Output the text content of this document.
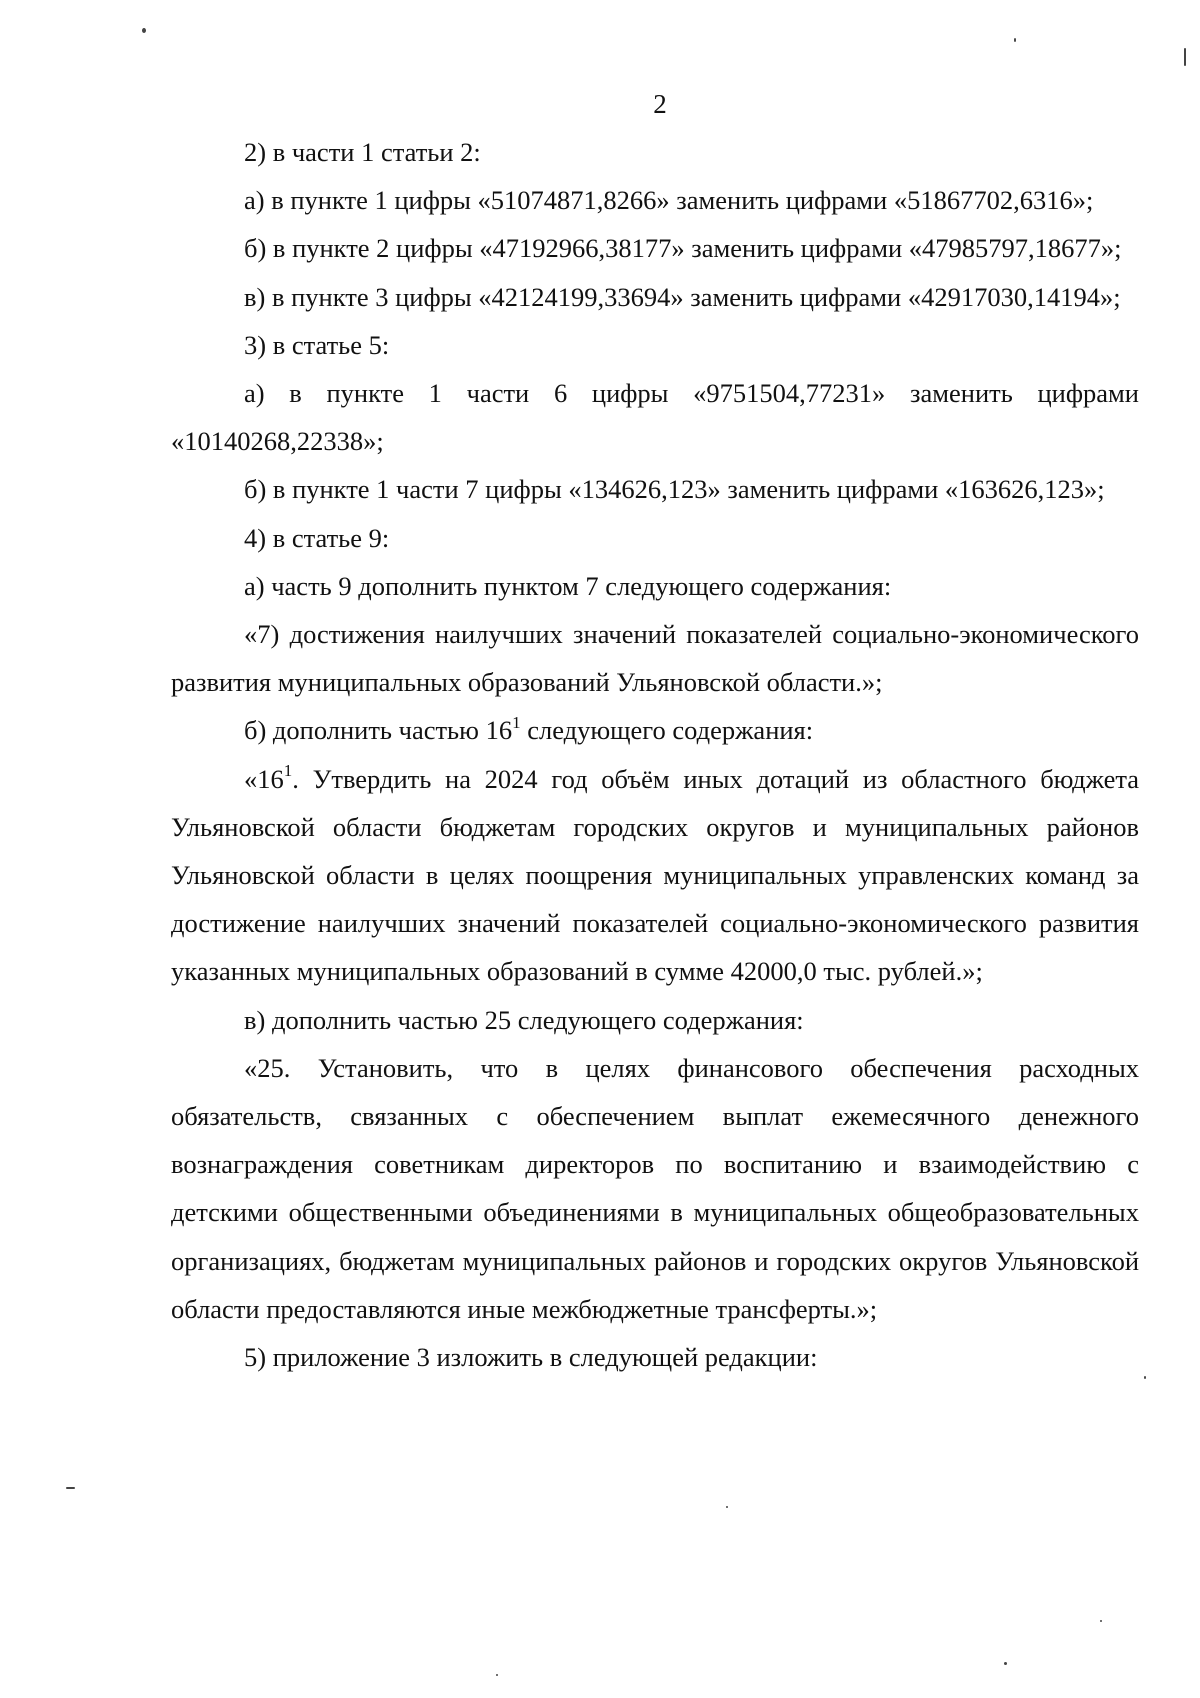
2

2) в части 1 статьи 2:

а) в пункте 1 цифры «51074871,8266» заменить цифрами «51867702,6316»;

б) в пункте 2 цифры «47192966,38177» заменить цифрами «47985797,18677»;

в) в пункте 3 цифры «42124199,33694» заменить цифрами «42917030,14194»;

3) в статье 5:

а) в пункте 1 части 6 цифры «9751504,77231» заменить цифрами «10140268,22338»;

б) в пункте 1 части 7 цифры «134626,123» заменить цифрами «163626,123»;

4) в статье 9:

а) часть 9 дополнить пунктом 7 следующего содержания:

«7) достижения наилучших значений показателей социально-экономического развития муниципальных образований Ульяновской области.»;

б) дополнить частью $16^1$ следующего содержания:

«$16^1$. Утвердить на 2024 год объём иных дотаций из областного бюджета Ульяновской области бюджетам городских округов и муниципальных районов Ульяновской области в целях поощрения муниципальных управленских команд за достижение наилучших значений показателей социально-экономического развития указанных муниципальных образований в сумме 42000,0 тыс. рублей.»;

в) дополнить частью 25 следующего содержания:

«25. Установить, что в целях финансового обеспечения расходных обязательств, связанных с обеспечением выплат ежемесячного денежного вознаграждения советникам директоров по воспитанию и взаимодействию с детскими общественными объединениями в муниципальных общеобразовательных организациях, бюджетам муниципальных районов и городских округов Ульяновской области предоставляются иные межбюджетные трансферты.»;

5) приложение 3 изложить в следующей редакции:
